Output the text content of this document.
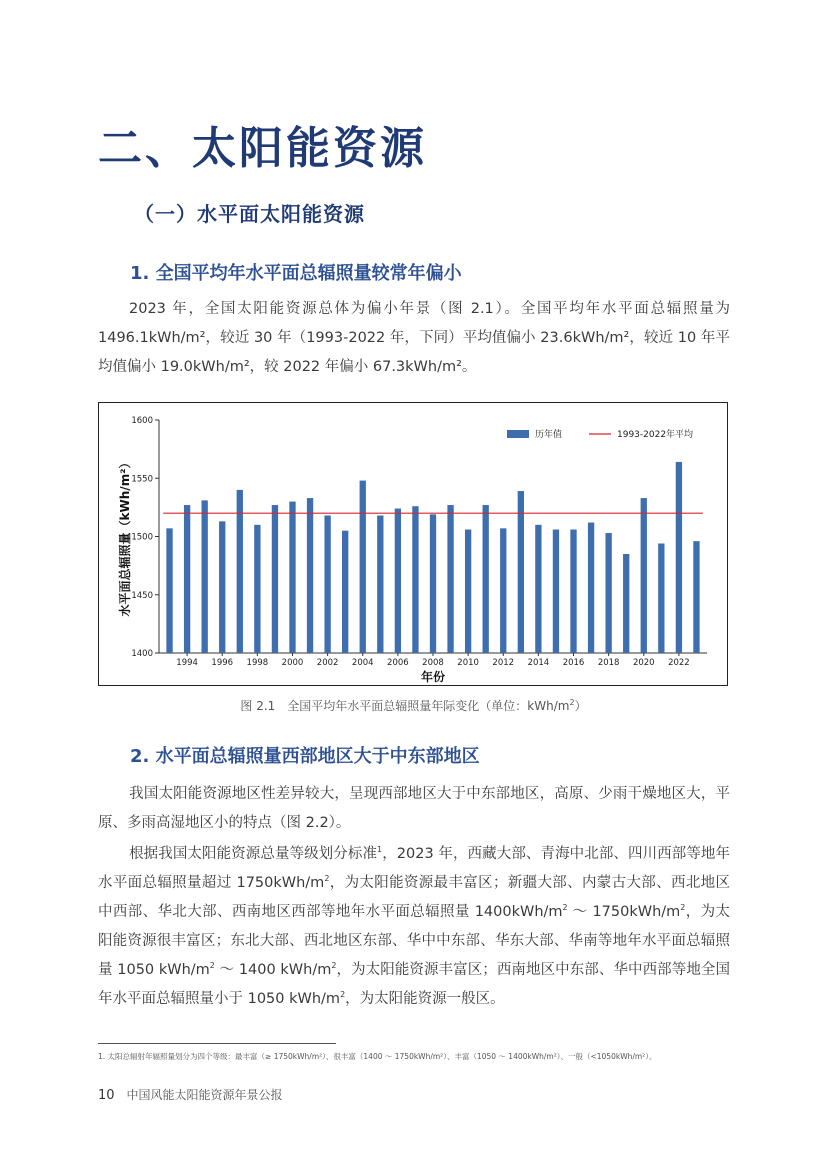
二、太阳能资源
（一）水平面太阳能资源
1. 全国平均年水平面总辐照量较常年偏小

2023 年，全国太阳能资源总体为偏小年景（图 2.1）。全国平均年水平面总辐照量为 1496.1kWh/m²，较近 30 年（1993-2022 年，下同）平均值偏小 23.6kWh/m²，较近 10 年平均值偏小 19.0kWh/m²，较 2022 年偏小 67.3kWh/m²。

1400
1450
1500
1550
1600
1994 1996 1998 2000 2002 2004 2006 2008 2010 2012 2014 2016 2018 2020 2022
年份
水平面总辐照量（kWh/m²）
历年值	1993-2022年平均

图 2.1　全国平均年水平面总辐照量年际变化（单位：kWh/$m^2$）

2. 水平面总辐照量西部地区大于中东部地区

我国太阳能资源地区性差异较大，呈现西部地区大于中东部地区，高原、少雨干燥地区大，平原、多雨高湿地区小的特点（图 2.2）。

根据我国太阳能资源总量等级划分标准$^1$，2023 年，西藏大部、青海中北部、四川西部等地年水平面总辐照量超过 $1750kWh/m^2$，为太阳能资源最丰富区；新疆大部、内蒙古大部、西北地区中西部、华北大部、西南地区西部等地年水平面总辐照量 $1400kWh/m^2$ ～ $1750kWh/m^2$，为太阳能资源很丰富区；东北大部、西北地区东部、华中中东部、华东大部、华南等地年水平面总辐照量 1050 kWh/$m^2$ ～ 1400 kWh/$m^2$，为太阳能资源丰富区；西南地区中东部、华中西部等地全国年水平面总辐照量小于 1050 kWh/$m^2$，为太阳能资源一般区。

1. 太阳总辐射年辐照量划分为四个等级：最丰富（≥ 1750kWh/m²）、很丰富（1400 ～ 1750kWh/m²）、丰富（1050 ～ 1400kWh/m²）、一般（<1050kWh/m²）。

10 中国风能太阳能资源年景公报
